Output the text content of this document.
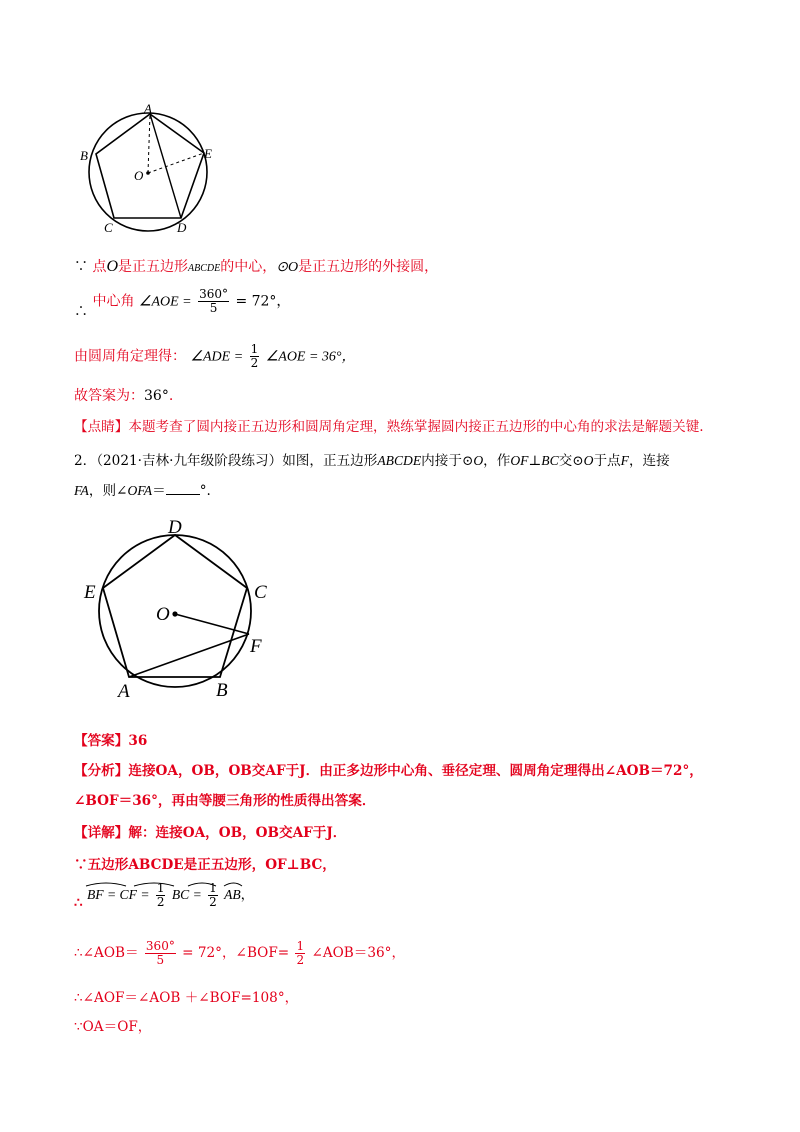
A
B
C	D
E
O
∵ 点O是正五边形ABCDE的中心，⊙O是正五边形的外接圆，
∴ 中心角 ∠AOE = $\frac{360^\circ}{5} = 72^\circ$，
由圆周角定理得： ∠ADE = $\frac{1}{2}$ ∠AOE = 36°，
故答案为：36°.
【点睛】本题考查了圆内接正五边形和圆周角定理，熟练掌握圆内接正五边形的中心角的求法是解题关键.
2．（2021·吉林·九年级阶段练习）如图，正五边形ABCDE内接于⊙O，作OF⊥BC交⊙O于点F，连接
FA，则∠OFA＝	°.
A	B
C
D
E
F
O
【答案】36
【分析】连接OA，OB，OB交AF于J．由正多边形中心角、垂径定理、圆周角定理得出∠AOB＝72°，
∠BOF＝36°，再由等腰三角形的性质得出答案．
【详解】解：连接OA，OB，OB交AF于J．
∵五边形ABCDE是正五边形，OF⊥BC，
∴ BF = CF = $\frac{1}{2}$ BC = $\frac{1}{2}$ AB，
∴∠AOB＝ $\frac{360^\circ}{5} = 72^\circ$，∠BOF= $\frac{1}{2}$ ∠AOB＝36°，
∴∠AOF＝∠AOB ＋∠BOF=108°，
∵OA＝OF，
